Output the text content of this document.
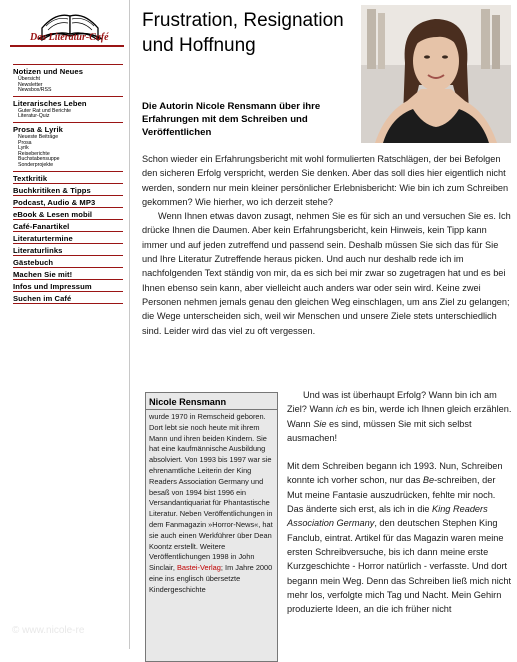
Das Literatur-Café
Notizen und Neues
Übersicht
Newsletter
Newsbox/RSS
Literarisches Leben
Guter Rat und Berichte
Literatur-Quiz
Prosa & Lyrik
Neueste Beiträge
Prosa
Lyrik
Reiseberichte
Buchstabensuppe
Sonderprojekte
Textkritik
Buchkritiken & Tipps
Podcast, Audio & MP3
eBook & Lesen mobil
Café-Fanartikel
Literaturtermine
Literaturlinks
Gästebuch
Machen Sie mit!
Infos und Impressum
Suchen im Café
Frustration, Resignation und Hoffnung
Die Autorin Nicole Rensmann über ihre Erfahrungen mit dem Schreiben und Veröffentlichen

Schon wieder ein Erfahrungsbericht mit wohl formulierten Ratschlägen, der bei Befolgen den sicheren Erfolg verspricht, werden Sie denken. Aber das soll dies hier eigentlich nicht werden, sondern nur mein kleiner persönlicher Erlebnisbericht: Wie bin ich zum Schreiben gekommen? Wie hierher, wo ich derzeit stehe?

Wenn Ihnen etwas davon zusagt, nehmen Sie es für sich an und versuchen Sie es. Ich drücke Ihnen die Daumen. Aber kein Erfahrungsbericht, kein Hinweis, kein Tipp kann immer und auf jeden zutreffend und passend sein. Deshalb müssen Sie sich das für Sie und Ihre Literatur Zutreffende heraus picken. Und auch nur deshalb rede ich im nachfolgenden Text ständig von mir, da es sich bei mir zwar so zugetragen hat und es bei Ihnen ebenso sein kann, aber vielleicht auch anders war oder sein wird. Keine zwei Personen nehmen jemals genau den gleichen Weg einschlagen, um ans Ziel zu gelangen; die Wege unterscheiden sich, weil wir Menschen und unsere Ziele stets unterschiedlich sind. Leider wird das viel zu oft vergessen.

Nicole Rensmann
wurde 1970 in Remscheid geboren. Dort lebt sie noch heute mit ihrem Mann und ihren beiden Kindern. Sie hat eine kaufmännische Ausbildung absolviert. Von 1993 bis 1997 war sie ehrenamtliche Leiterin der King Readers Association Germany und besaß von 1994 bist 1996 ein Versandantiquariat für Phantastische Literatur. Neben Veröffentlichungen in dem Fanmagazin »Horror-News«, hat sie auch einen Werkführer über Dean Koontz erstellt. Weitere Veröffentlichungen 1998 in John Sinclair, Bastei-Verlag; Im Jahre 2000 eine ins englisch übersetzte Kindergeschichte

Und was ist überhaupt Erfolg? Wann bin ich am Ziel? Wann ich es bin, werde ich Ihnen gleich erzählen. Wann Sie es sind, müssen Sie mit sich selbst ausmachen!

Mit dem Schreiben begann ich 1993. Nun, Schreiben konnte ich vorher schon, nur das Be-schreiben, der Mut meine Fantasie auszudrücken, fehlte mir noch. Das änderte sich erst, als ich in die King Readers Association Germany, den deutschen Stephen King Fanclub, eintrat. Artikel für das Magazin waren meine ersten Schreibversuche, bis ich dann meine erste Kurzgeschichte - Horror natürlich - verfasste. Und dort begann mein Weg. Denn das Schreiben ließ mich nicht mehr los, verfolgte mich Tag und Nacht. Mein Gehirn produzierte Ideen, an die ich früher nicht

© www.nicole-re
